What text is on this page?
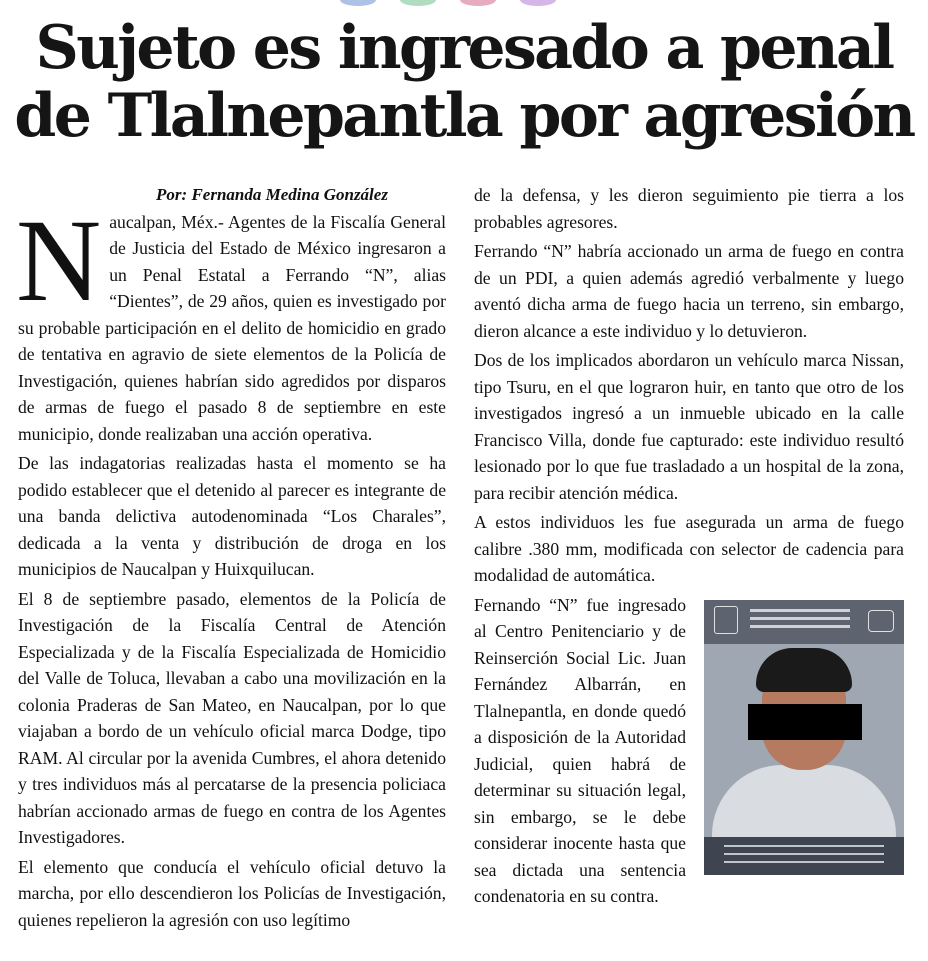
Sujeto es ingresado a penal
de Tlalnepantla por agresión

Por: Fernanda Medina González

Naucalpan, Méx.- Agentes de la Fiscalía General de Justicia del Estado de México ingresaron a un Penal Estatal a Ferrando “N”, alias “Dientes”, de 29 años, quien es investigado por su probable participación en el delito de homicidio en grado de tentativa en agravio de siete elementos de la Policía de Investigación, quienes habrían sido agredidos por disparos de armas de fuego el pasado 8 de septiembre en este municipio, donde realizaban una acción operativa.

De las indagatorias realizadas hasta el momento se ha podido establecer que el detenido al parecer es integrante de una banda delictiva autodenominada “Los Charales”, dedicada a la venta y distribución de droga en los municipios de Naucalpan y Huixquilucan.

El 8 de septiembre pasado, elementos de la Policía de Investigación de la Fiscalía Central de Atención Especializada y de la Fiscalía Especializada de Homicidio del Valle de Toluca, llevaban a cabo una movilización en la colonia Praderas de San Mateo, en Naucalpan, por lo que viajaban a bordo de un vehículo oficial marca Dodge, tipo RAM. Al circular por la avenida Cumbres, el ahora detenido y tres individuos más al percatarse de la presencia policiaca habrían accionado armas de fuego en contra de los Agentes Investigadores.

El elemento que conducía el vehículo oficial detuvo la marcha, por ello descendieron los Policías de Investigación, quienes repelieron la agresión con uso legítimo

de la defensa, y les dieron seguimiento pie tierra a los probables agresores.

Ferrando “N” habría accionado un arma de fuego en contra de un PDI, a quien además agredió verbalmente y luego aventó dicha arma de fuego hacia un terreno, sin embargo, dieron alcance a este individuo y lo detuvieron.

Dos de los implicados abordaron un vehículo marca Nissan, tipo Tsuru, en el que lograron huir, en tanto que otro de los investigados ingresó a un inmueble ubicado en la calle Francisco Villa, donde fue capturado: este individuo resultó lesionado por lo que fue trasladado a un hospital de la zona, para recibir atención médica.

A estos individuos les fue asegurada un arma de fuego calibre .380 mm, modificada con selector de cadencia para modalidad de automática.

Fernando “N” fue ingresado al Centro Penitenciario y de Reinserción Social Lic. Juan Fernández Albarrán, en Tlalnepantla, en donde quedó a disposición de la Autoridad Judicial, quien habrá de determinar su situación legal, sin embargo, se le debe considerar inocente hasta que sea dictada una sentencia condenatoria en su contra.
